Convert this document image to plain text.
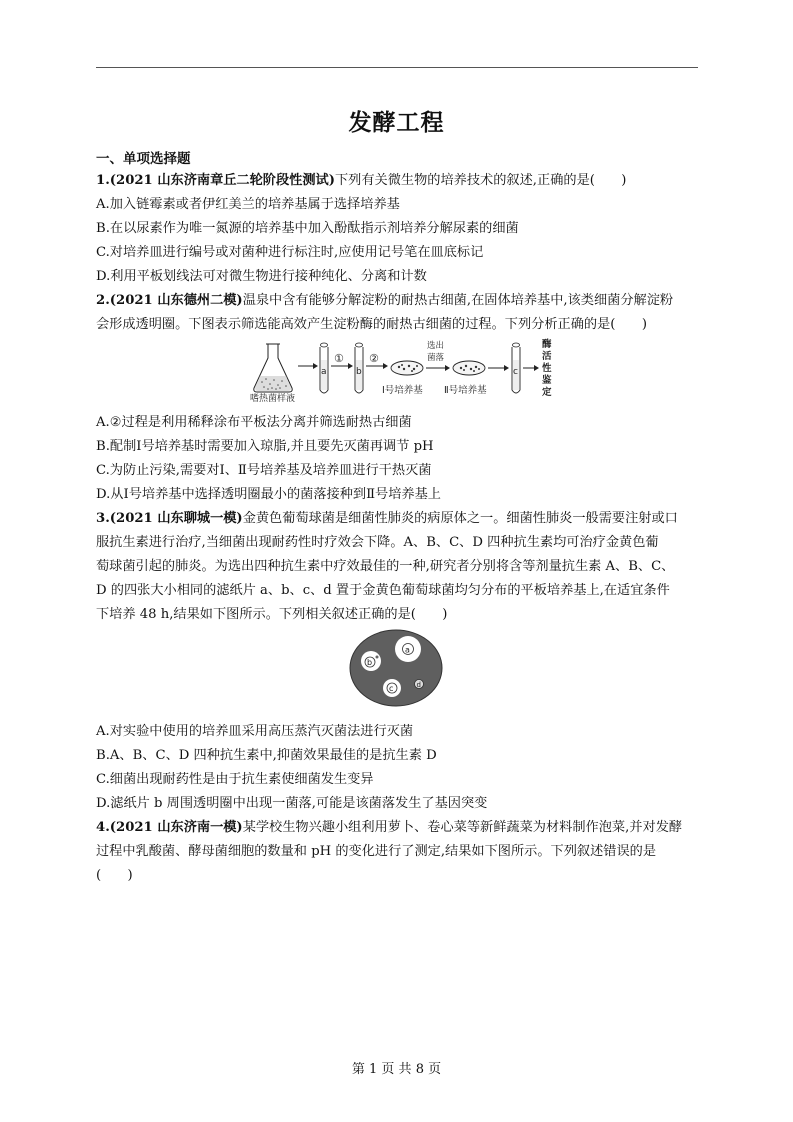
发酵工程
一、单项选择题
1.(2021 山东济南章丘二轮阶段性测试)下列有关微生物的培养技术的叙述,正确的是(　　)
A.加入链霉素或者伊红美兰的培养基属于选择培养基
B.在以尿素作为唯一氮源的培养基中加入酚酞指示剂培养分解尿素的细菌
C.对培养皿进行编号或对菌种进行标注时,应使用记号笔在皿底标记
D.利用平板划线法可对微生物进行接种纯化、分离和计数
2.(2021 山东德州二模)温泉中含有能够分解淀粉的耐热古细菌,在固体培养基中,该类细菌分解淀粉
会形成透明圈。下图表示筛选能高效产生淀粉酶的耐热古细菌的过程。下列分析正确的是(　　)
嗜热菌样液
a
①
b
②
Ⅰ号培养基
选出
菌落
Ⅱ号培养基
c
酶
活
性
鉴
定
A.②过程是利用稀释涂布平板法分离并筛选耐热古细菌
B.配制Ⅰ号培养基时需要加入琼脂,并且要先灭菌再调节 pH
C.为防止污染,需要对Ⅰ、Ⅱ号培养基及培养皿进行干热灭菌
D.从Ⅰ号培养基中选择透明圈最小的菌落接种到Ⅱ号培养基上
3.(2021 山东聊城一模)金黄色葡萄球菌是细菌性肺炎的病原体之一。细菌性肺炎一般需要注射或口
服抗生素进行治疗,当细菌出现耐药性时疗效会下降。A、B、C、D 四种抗生素均可治疗金黄色葡
萄球菌引起的肺炎。为选出四种抗生素中疗效最佳的一种,研究者分别将含等剂量抗生素 A、B、C、
D 的四张大小相同的滤纸片 a、b、c、d 置于金黄色葡萄球菌均匀分布的平板培养基上,在适宜条件
下培养 48 h,结果如下图所示。下列相关叙述正确的是(　　)
a
b
c	d
A.对实验中使用的培养皿采用高压蒸汽灭菌法进行灭菌
B.A、B、C、D 四种抗生素中,抑菌效果最佳的是抗生素 D
C.细菌出现耐药性是由于抗生素使细菌发生变异
D.滤纸片 b 周围透明圈中出现一菌落,可能是该菌落发生了基因突变
4.(2021 山东济南一模)某学校生物兴趣小组利用萝卜、卷心菜等新鲜蔬菜为材料制作泡菜,并对发酵
过程中乳酸菌、酵母菌细胞的数量和 pH 的变化进行了测定,结果如下图所示。下列叙述错误的是
(　　)
第 1 页 共 8 页
